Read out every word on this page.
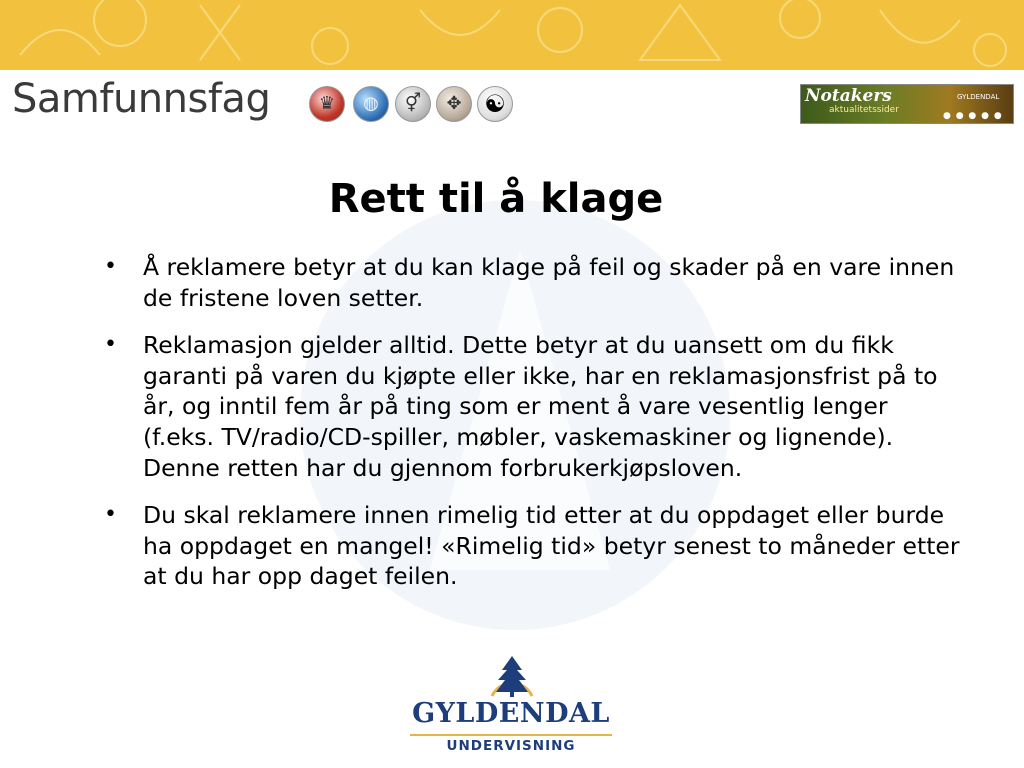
Samfunnsfag	♛	◍	⚥	✥ ☯	Notakers
aktualitetssider
GYLDENDAL
● ● ● ● ●
Rett til å klage
• Å reklamere betyr at du kan klage på feil og skader på en vare innen de fristene loven setter.
• Reklamasjon gjelder alltid. Dette betyr at du uansett om du fikk garanti på varen du kjøpte eller ikke, har en reklamasjonsfrist på to år, og inntil fem år på ting som er ment å vare vesentlig lenger (f.eks. TV/radio/CD-spiller, møbler, vaskemaskiner og lignende). Denne retten har du gjennom forbrukerkjøpsloven.
• Du skal reklamere innen rimelig tid etter at du oppdaget eller burde ha oppdaget en mangel! «Rimelig tid» betyr senest to måneder etter at du har opp daget feilen.
GYLDENDAL
UNDERVISNING
